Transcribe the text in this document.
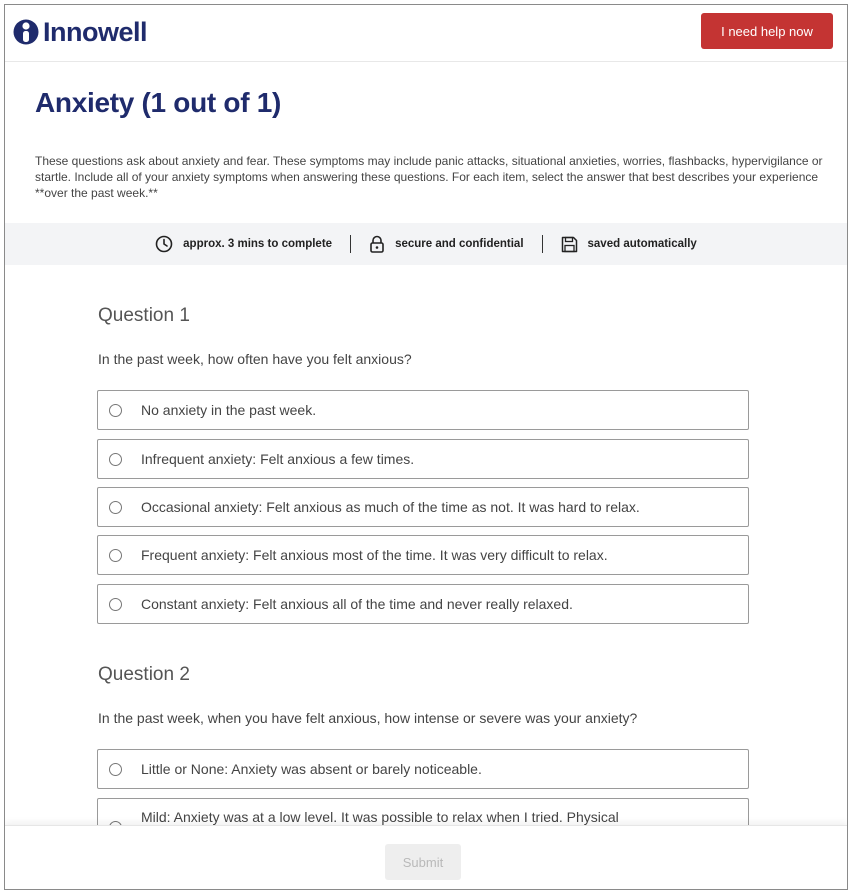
Innowell	I need help now
Anxiety (1 out of 1)

These questions ask about anxiety and fear. These symptoms may include panic attacks, situational anxieties, worries, flashbacks, hypervigilance or startle. Include all of your anxiety symptoms when answering these questions. For each item, select the answer that best describes your experience **over the past week.**

approx. 3 mins to complete	secure and confidential	saved automatically
Question 1

In the past week, how often have you felt anxious?

No anxiety in the past week.
Infrequent anxiety: Felt anxious a few times.
Occasional anxiety: Felt anxious as much of the time as not. It was hard to relax.
Frequent anxiety: Felt anxious most of the time. It was very difficult to relax.
Constant anxiety: Felt anxious all of the time and never really relaxed.
Question 2

In the past week, when you have felt anxious, how intense or severe was your anxiety?

Little or None: Anxiety was absent or barely noticeable.
Mild: Anxiety was at a low level. It was possible to relax when I tried. Physical
Submit
